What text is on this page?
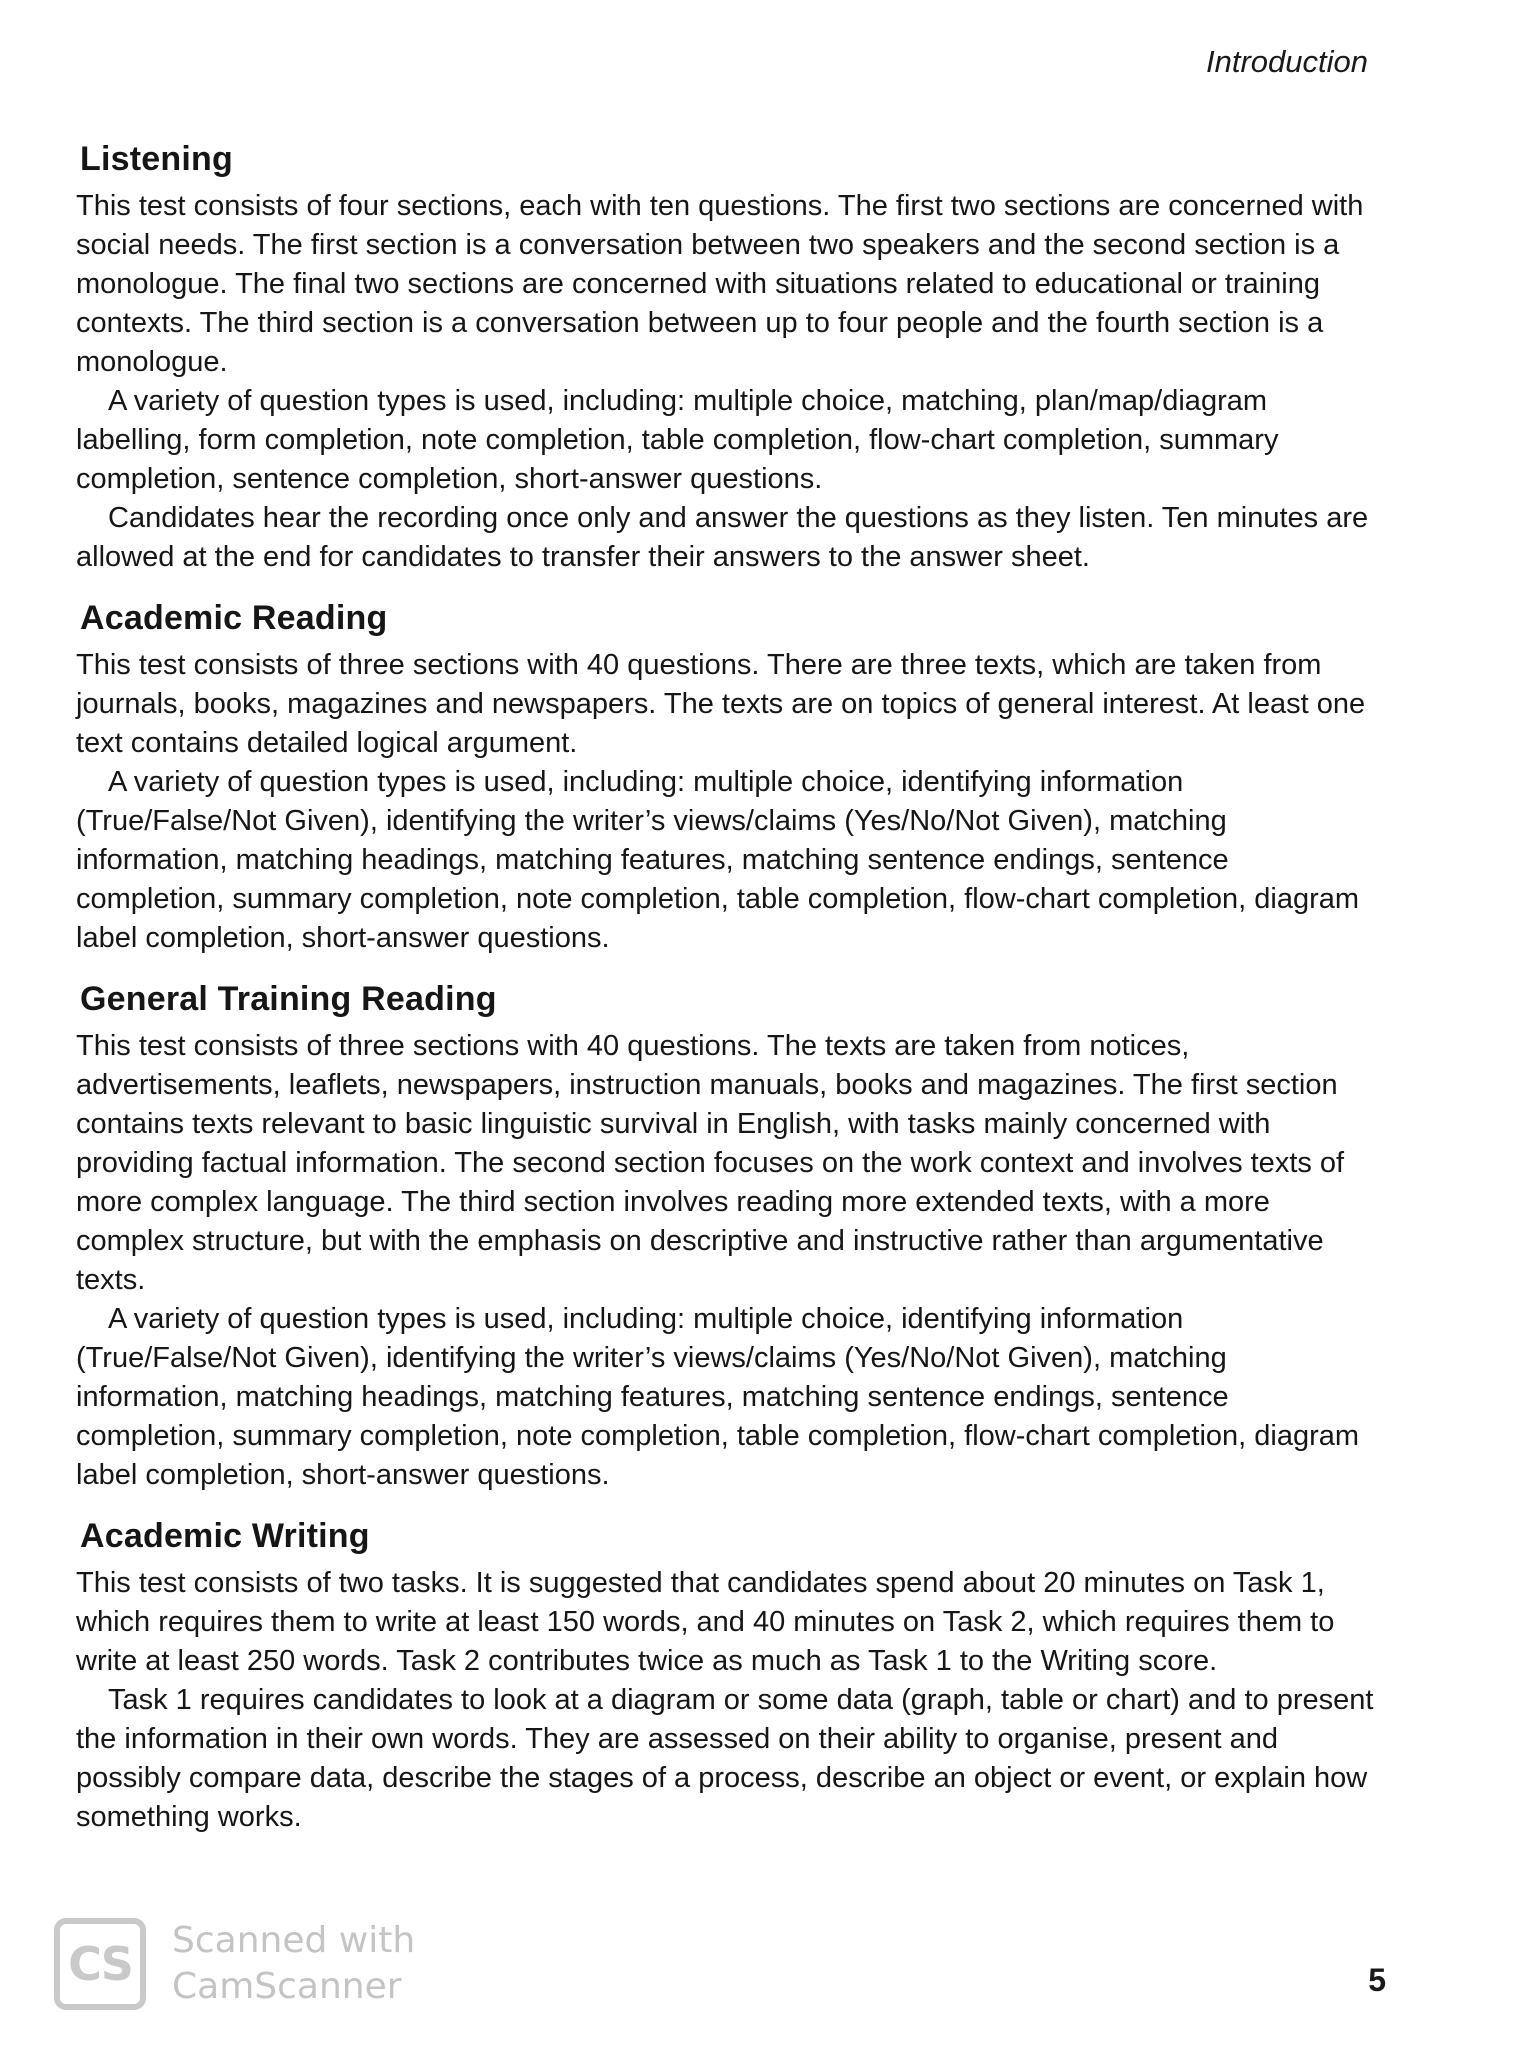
Introduction
Listening

This test consists of four sections, each with ten questions. The first two sections are concerned with social needs. The first section is a conversation between two speakers and the second section is a monologue. The final two sections are concerned with situations related to educational or training contexts. The third section is a conversation between up to four people and the fourth section is a monologue.

A variety of question types is used, including: multiple choice, matching, plan/map/diagram labelling, form completion, note completion, table completion, flow-chart completion, summary completion, sentence completion, short-answer questions.

Candidates hear the recording once only and answer the questions as they listen. Ten minutes are allowed at the end for candidates to transfer their answers to the answer sheet.

Academic Reading

This test consists of three sections with 40 questions. There are three texts, which are taken from journals, books, magazines and newspapers. The texts are on topics of general interest. At least one text contains detailed logical argument.

A variety of question types is used, including: multiple choice, identifying information (True/False/Not Given), identifying the writer’s views/claims (Yes/No/Not Given), matching information, matching headings, matching features, matching sentence endings, sentence completion, summary completion, note completion, table completion, flow-chart completion, diagram label completion, short-answer questions.

General Training Reading

This test consists of three sections with 40 questions. The texts are taken from notices, advertisements, leaflets, newspapers, instruction manuals, books and magazines. The first section contains texts relevant to basic linguistic survival in English, with tasks mainly concerned with providing factual information. The second section focuses on the work context and involves texts of more complex language. The third section involves reading more extended texts, with a more complex structure, but with the emphasis on descriptive and instructive rather than argumentative texts.

A variety of question types is used, including: multiple choice, identifying information (True/False/Not Given), identifying the writer’s views/claims (Yes/No/Not Given), matching information, matching headings, matching features, matching sentence endings, sentence completion, summary completion, note completion, table completion, flow-chart completion, diagram label completion, short-answer questions.

Academic Writing

This test consists of two tasks. It is suggested that candidates spend about 20 minutes on Task 1, which requires them to write at least 150 words, and 40 minutes on Task 2, which requires them to write at least 250 words. Task 2 contributes twice as much as Task 1 to the Writing score.

Task 1 requires candidates to look at a diagram or some data (graph, table or chart) and to present the information in their own words. They are assessed on their ability to organise, present and possibly compare data, describe the stages of a process, describe an object or event, or explain how something works.

CS	Scanned with
CamScanner	5
